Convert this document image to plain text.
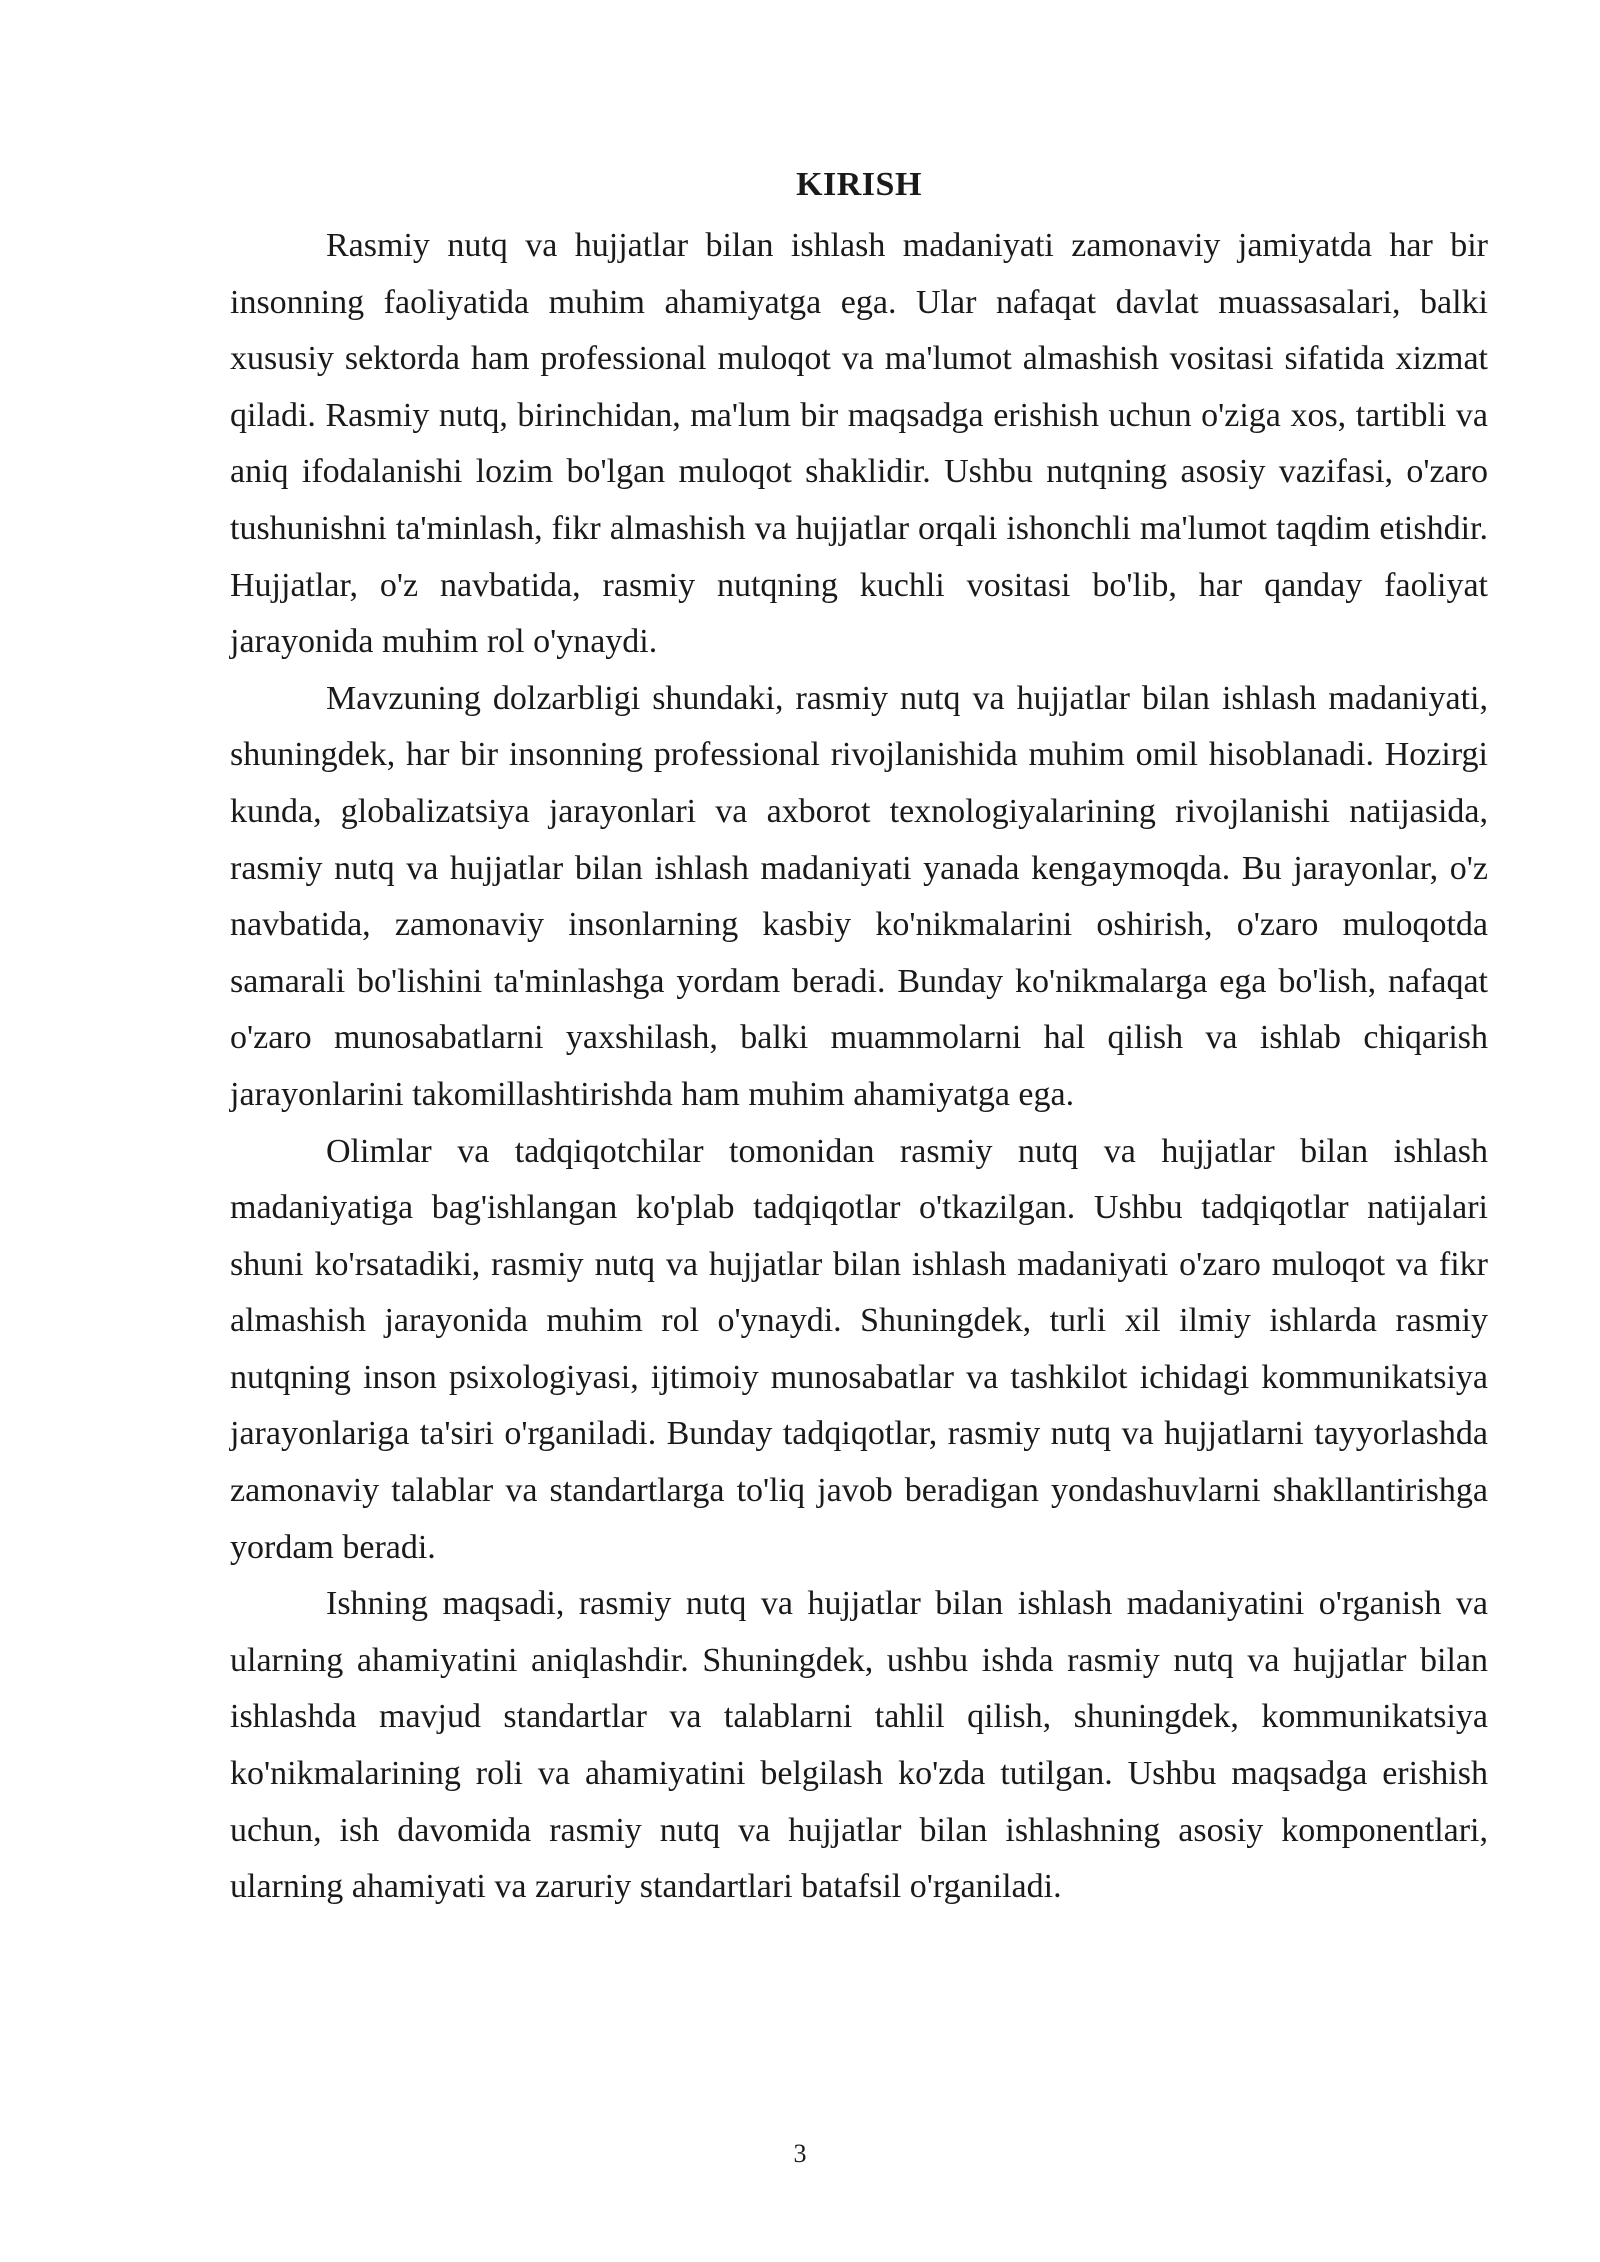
KIRISH

Rasmiy nutq va hujjatlar bilan ishlash madaniyati zamonaviy jamiyatda har bir insonning faoliyatida muhim ahamiyatga ega. Ular nafaqat davlat muassasalari, balki xususiy sektorda ham professional muloqot va ma'lumot almashish vositasi sifatida xizmat qiladi. Rasmiy nutq, birinchidan, ma'lum bir maqsadga erishish uchun o'ziga xos, tartibli va aniq ifodalanishi lozim bo'lgan muloqot shaklidir. Ushbu nutqning asosiy vazifasi, o'zaro tushunishni ta'minlash, fikr almashish va hujjatlar orqali ishonchli ma'lumot taqdim etishdir. Hujjatlar, o'z navbatida, rasmiy nutqning kuchli vositasi bo'lib, har qanday faoliyat jarayonida muhim rol o'ynaydi.

Mavzuning dolzarbligi shundaki, rasmiy nutq va hujjatlar bilan ishlash madaniyati, shuningdek, har bir insonning professional rivojlanishida muhim omil hisoblanadi. Hozirgi kunda, globalizatsiya jarayonlari va axborot texnologiyalarining rivojlanishi natijasida, rasmiy nutq va hujjatlar bilan ishlash madaniyati yanada kengaymoqda. Bu jarayonlar, o'z navbatida, zamonaviy insonlarning kasbiy ko'nikmalarini oshirish, o'zaro muloqotda samarali bo'lishini ta'minlashga yordam beradi. Bunday ko'nikmalarga ega bo'lish, nafaqat o'zaro munosabatlarni yaxshilash, balki muammolarni hal qilish va ishlab chiqarish jarayonlarini takomillashtirishda ham muhim ahamiyatga ega.

Olimlar va tadqiqotchilar tomonidan rasmiy nutq va hujjatlar bilan ishlash madaniyatiga bag'ishlangan ko'plab tadqiqotlar o'tkazilgan. Ushbu tadqiqotlar natijalari shuni ko'rsatadiki, rasmiy nutq va hujjatlar bilan ishlash madaniyati o'zaro muloqot va fikr almashish jarayonida muhim rol o'ynaydi. Shuningdek, turli xil ilmiy ishlarda rasmiy nutqning inson psixologiyasi, ijtimoiy munosabatlar va tashkilot ichidagi kommunikatsiya jarayonlariga ta'siri o'rganiladi. Bunday tadqiqotlar, rasmiy nutq va hujjatlarni tayyorlashda zamonaviy talablar va standartlarga to'liq javob beradigan yondashuvlarni shakllantirishga yordam beradi.

Ishning maqsadi, rasmiy nutq va hujjatlar bilan ishlash madaniyatini o'rganish va ularning ahamiyatini aniqlashdir. Shuningdek, ushbu ishda rasmiy nutq va hujjatlar bilan ishlashda mavjud standartlar va talablarni tahlil qilish, shuningdek, kommunikatsiya ko'nikmalarining roli va ahamiyatini belgilash ko'zda tutilgan. Ushbu maqsadga erishish uchun, ish davomida rasmiy nutq va hujjatlar bilan ishlashning asosiy komponentlari, ularning ahamiyati va zaruriy standartlari batafsil o'rganiladi.

3
